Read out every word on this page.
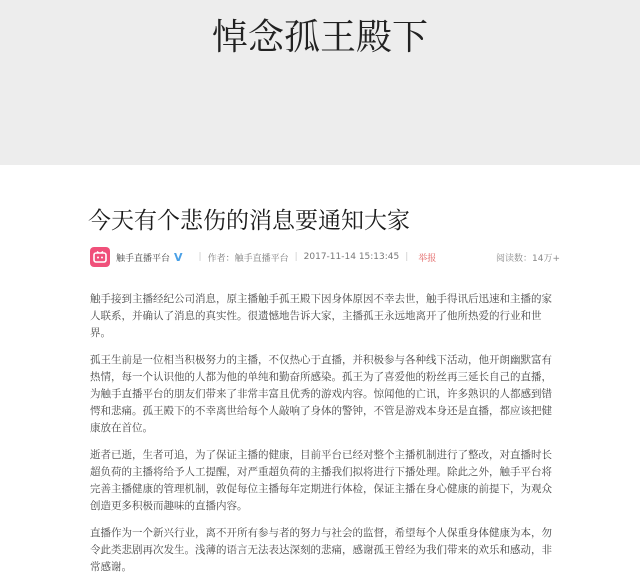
悼念孤王殿下
今天有个悲伤的消息要通知大家
触手直播平台 V | 作者： 触手直播平台 | 2017-11-14 15:13:45 | 举报	阅读数：14万+

触手接到主播经纪公司消息，原主播触手孤王殿下因身体原因不幸去世，触手得讯后迅速和主播的家人联系，并确认了消息的真实性。很遗憾地告诉大家，主播孤王永远地离开了他所热爱的行业和世界。

孤王生前是一位相当积极努力的主播，不仅热心于直播，并积极参与各种线下活动，他开朗幽默富有热情，每一个认识他的人都为他的单纯和勤奋所感染。孤王为了喜爱他的粉丝再三延长自己的直播，为触手直播平台的朋友们带来了非常丰富且优秀的游戏内容。惊闻他的亡讯，许多熟识的人都感到错愕和悲痛。孤王殿下的不幸离世给每个人敲响了身体的警钟，不管是游戏本身还是直播，都应该把健康放在首位。

逝者已逝，生者可追，为了保证主播的健康，目前平台已经对整个主播机制进行了整改，对直播时长超负荷的主播将给予人工提醒，对严重超负荷的主播我们拟将进行下播处理。除此之外，触手平台将完善主播健康的管理机制，敦促每位主播每年定期进行体检，保证主播在身心健康的前提下，为观众创造更多积极而趣味的直播内容。

直播作为一个新兴行业，离不开所有参与者的努力与社会的监督，希望每个人保重身体健康为本，勿令此类悲剧再次发生。浅薄的语言无法表达深刻的悲痛，感谢孤王曾经为我们带来的欢乐和感动，非常感谢。
